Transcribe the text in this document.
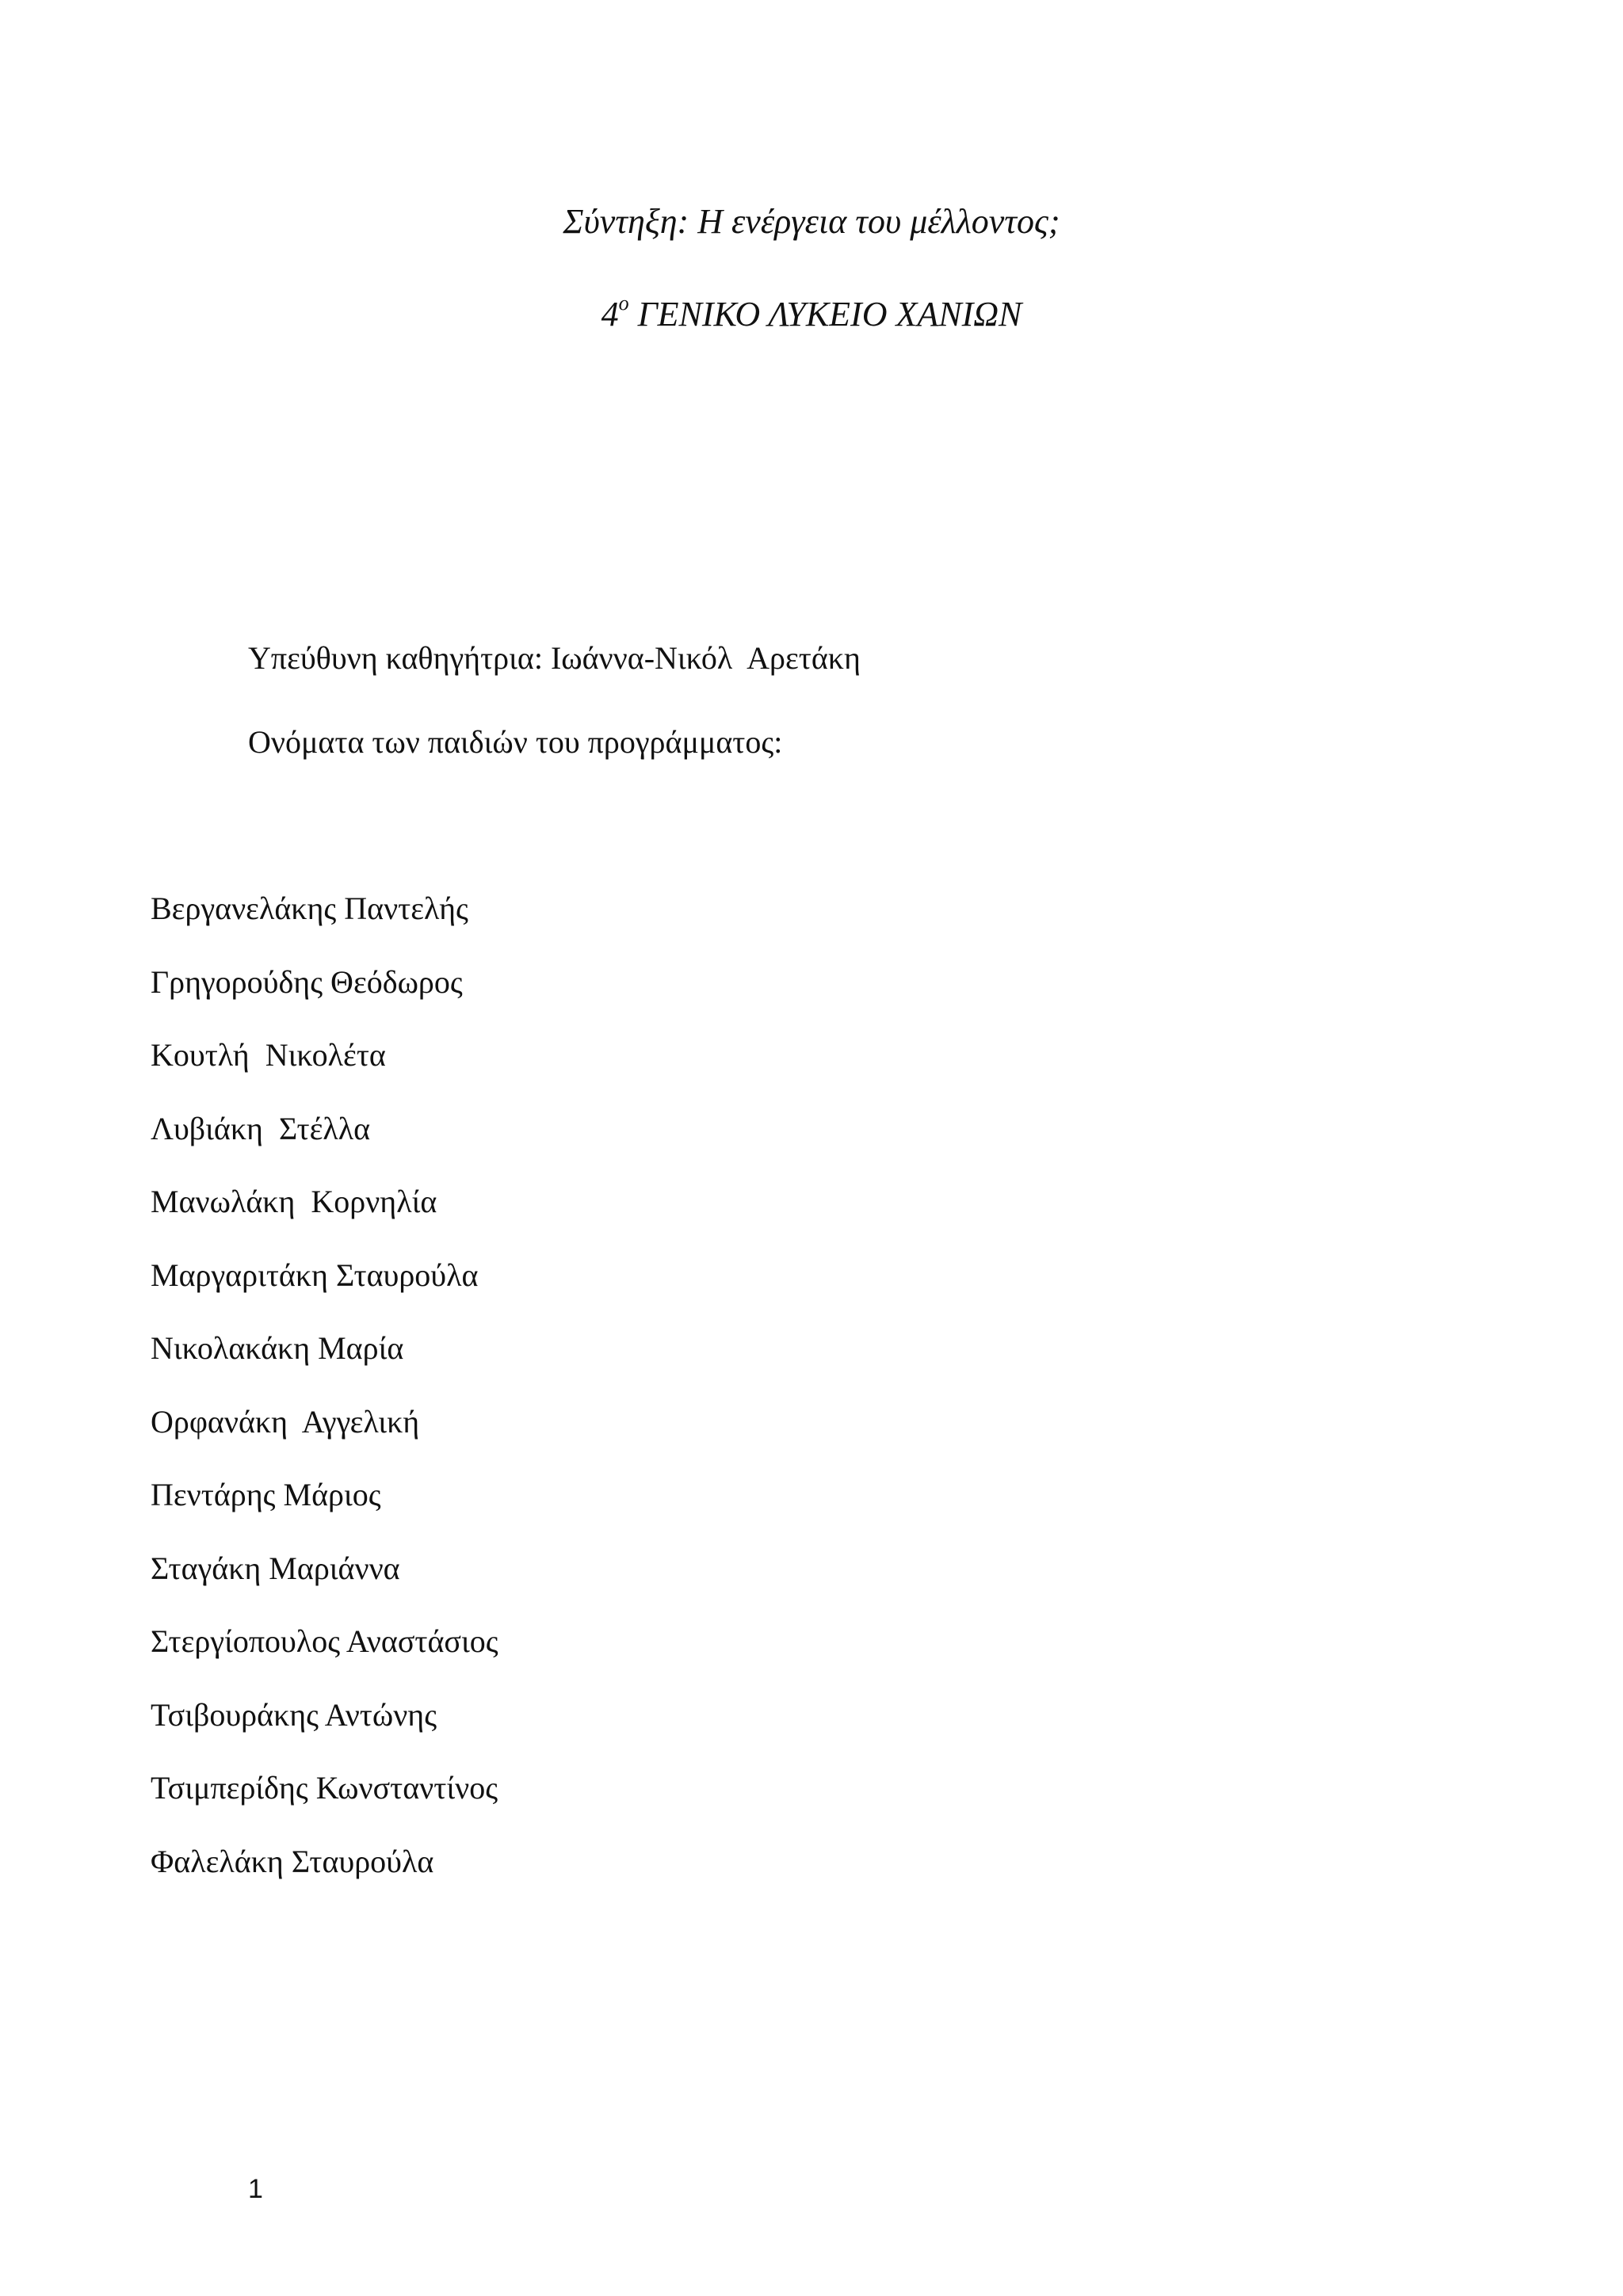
Σύντηξη: Η ενέργεια του μέλλοντος;
$4^o$ ΓΕΝΙΚΟ ΛΥΚΕΙΟ ΧΑΝΙΩΝ
Υπεύθυνη καθηγήτρια: Ιωάννα-Νικόλ  Αρετάκη
Ονόματα των παιδιών του προγράμματος:
Βεργανελάκης Παντελής
Γρηγορούδης Θεόδωρος
Κουτλή  Νικολέτα
Λυβιάκη  Στέλλα
Μανωλάκη  Κορνηλία
Μαργαριτάκη Σταυρούλα
Νικολακάκη Μαρία
Ορφανάκη  Αγγελική
Πεντάρης Μάριος
Σταγάκη Μαριάννα
Στεργίοπουλος Αναστάσιος
Τσιβουράκης Αντώνης
Τσιμπερίδης Κωνσταντίνος
Φαλελάκη Σταυρούλα
1
